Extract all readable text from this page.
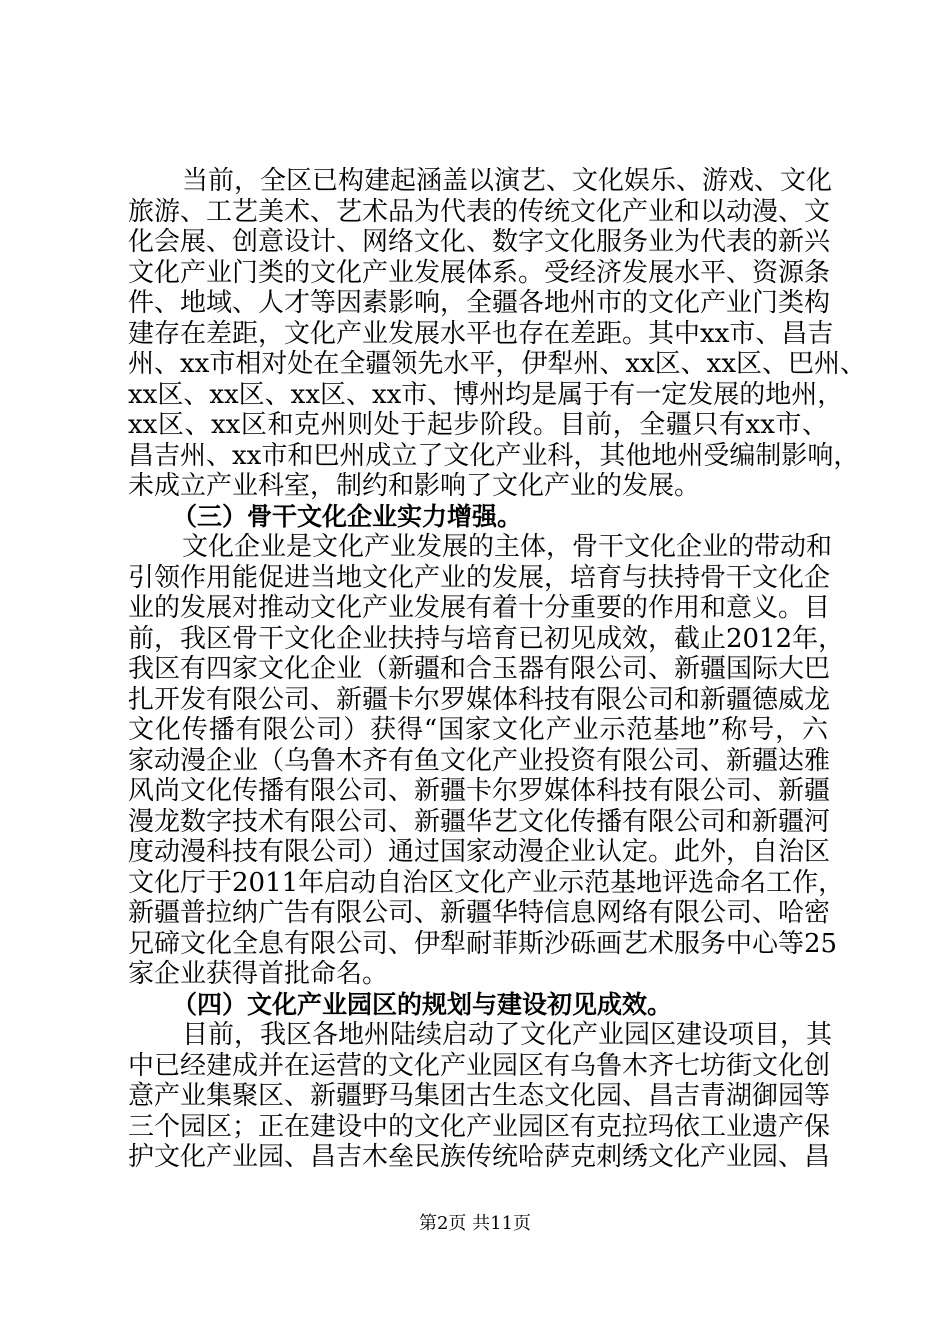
当前，全区已构建起涵盖以演艺、文化娱乐、游戏、文化
旅游、工艺美术、艺术品为代表的传统文化产业和以动漫、文
化会展、创意设计、网络文化、数字文化服务业为代表的新兴
文化产业门类的文化产业发展体系。受经济发展水平、资源条
件、地域、人才等因素影响，全疆各地州市的文化产业门类构
建存在差距，文化产业发展水平也存在差距。其中xx市、昌吉
州、xx市相对处在全疆领先水平，伊犁州、xx区、xx区、巴州、
xx区、xx区、xx区、xx市、博州均是属于有一定发展的地州，
xx区、xx区和克州则处于起步阶段。目前，全疆只有xx市、
昌吉州、xx市和巴州成立了文化产业科，其他地州受编制影响，
未成立产业科室，制约和影响了文化产业的发展。
（三）骨干文化企业实力增强。
文化企业是文化产业发展的主体，骨干文化企业的带动和
引领作用能促进当地文化产业的发展，培育与扶持骨干文化企
业的发展对推动文化产业发展有着十分重要的作用和意义。目
前，我区骨干文化企业扶持与培育已初见成效，截止2012年，
我区有四家文化企业（新疆和合玉器有限公司、新疆国际大巴
扎开发有限公司、新疆卡尔罗媒体科技有限公司和新疆德威龙
文化传播有限公司）获得“国家文化产业示范基地”称号，六
家动漫企业（乌鲁木齐有鱼文化产业投资有限公司、新疆达雅
风尚文化传播有限公司、新疆卡尔罗媒体科技有限公司、新疆
漫龙数字技术有限公司、新疆华艺文化传播有限公司和新疆河
度动漫科技有限公司）通过国家动漫企业认定。此外，自治区
文化厅于2011年启动自治区文化产业示范基地评选命名工作，
新疆普拉纳广告有限公司、新疆华特信息网络有限公司、哈密
兄碲文化全息有限公司、伊犁耐菲斯沙砾画艺术服务中心等25
家企业获得首批命名。
（四）文化产业园区的规划与建设初见成效。
目前，我区各地州陆续启动了文化产业园区建设项目，其
中已经建成并在运营的文化产业园区有乌鲁木齐七坊街文化创
意产业集聚区、新疆野马集团古生态文化园、昌吉青湖御园等
三个园区；正在建设中的文化产业园区有克拉玛依工业遗产保
护文化产业园、昌吉木垒民族传统哈萨克刺绣文化产业园、昌
第2页 共11页
